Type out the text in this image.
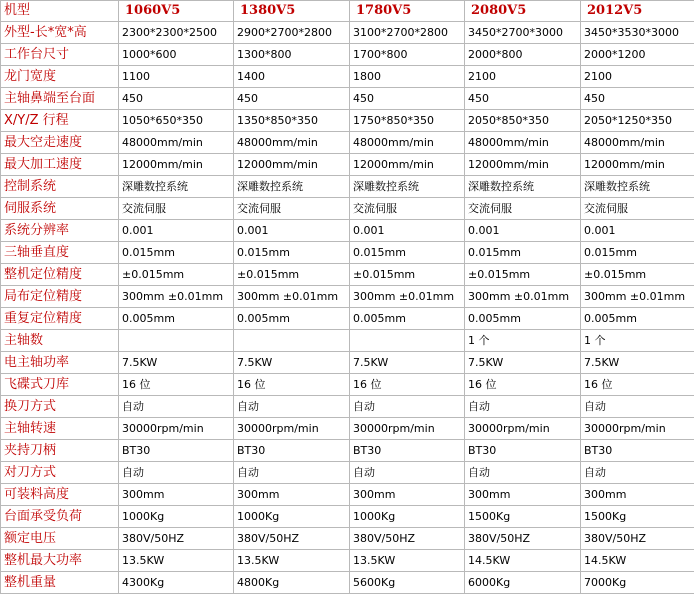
机型	1060V5	1380V5	1780V5	2080V5	2012V5
外型-长*宽*高	2300*2300*2500	2900*2700*2800	3100*2700*2800	3450*2700*3000	3450*3530*3000
工作台尺寸	1000*600	1300*800	1700*800	2000*800	2000*1200
龙门宽度	1100	1400	1800	2100	2100
主轴鼻端至台面	450	450	450	450	450
X/Y/Z 行程	1050*650*350	1350*850*350	1750*850*350	2050*850*350	2050*1250*350
最大空走速度	48000mm/min	48000mm/min	48000mm/min	48000mm/min	48000mm/min
最大加工速度	12000mm/min	12000mm/min	12000mm/min	12000mm/min	12000mm/min
控制系统	深雕数控系统	深雕数控系统	深雕数控系统	深雕数控系统	深雕数控系统
伺服系统	交流伺服	交流伺服	交流伺服	交流伺服	交流伺服
系统分辨率	0.001	0.001	0.001	0.001	0.001
三轴垂直度	0.015mm	0.015mm	0.015mm	0.015mm	0.015mm
整机定位精度	±0.015mm	±0.015mm	±0.015mm	±0.015mm	±0.015mm
局布定位精度	300mm ±0.01mm	300mm ±0.01mm	300mm ±0.01mm	300mm ±0.01mm	300mm ±0.01mm
重复定位精度	0.005mm	0.005mm	0.005mm	0.005mm	0.005mm
主轴数				1 个	1 个
电主轴功率	7.5KW	7.5KW	7.5KW	7.5KW	7.5KW
飞碟式刀库	16 位	16 位	16 位	16 位	16 位
换刀方式	自动	自动	自动	自动	自动
主轴转速	30000rpm/min	30000rpm/min	30000rpm/min	30000rpm/min	30000rpm/min
夹持刀柄	BT30	BT30	BT30	BT30	BT30
对刀方式	自动	自动	自动	自动	自动
可装料高度	300mm	300mm	300mm	300mm	300mm
台面承受负荷	1000Kg	1000Kg	1000Kg	1500Kg	1500Kg
额定电压	380V/50HZ	380V/50HZ	380V/50HZ	380V/50HZ	380V/50HZ
整机最大功率	13.5KW	13.5KW	13.5KW	14.5KW	14.5KW
整机重量	4300Kg	4800Kg	5600Kg	6000Kg	7000Kg
